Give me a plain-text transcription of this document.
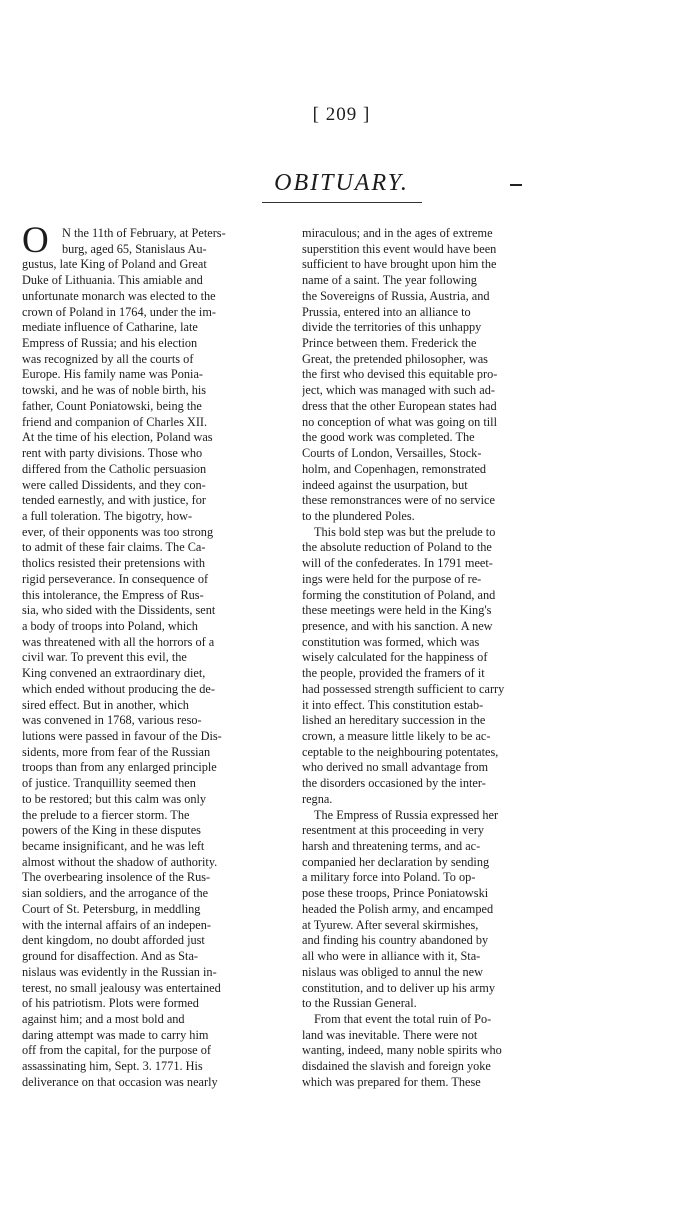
[ 209 ]
OBITUARY.
O	N the 11th of February, at Peters-
burg, aged 65, Stanislaus Au-
gustus, late King of Poland and Great
Duke of Lithuania. This amiable and
unfortunate monarch was elected to the
crown of Poland in 1764, under the im-
mediate influence of Catharine, late
Empress of Russia; and his election
was recognized by all the courts of
Europe. His family name was Ponia-
towski, and he was of noble birth, his
father, Count Poniatowski, being the
friend and companion of Charles XII.
At the time of his election, Poland was
rent with party divisions. Those who
differed from the Catholic persuasion
were called Dissidents, and they con-
tended earnestly, and with justice, for
a full toleration. The bigotry, how-
ever, of their opponents was too strong
to admit of these fair claims. The Ca-
tholics resisted their pretensions with
rigid perseverance. In consequence of
this intolerance, the Empress of Rus-
sia, who sided with the Dissidents, sent
a body of troops into Poland, which
was threatened with all the horrors of a
civil war. To prevent this evil, the
King convened an extraordinary diet,
which ended without producing the de-
sired effect. But in another, which
was convened in 1768, various reso-
lutions were passed in favour of the Dis-
sidents, more from fear of the Russian
troops than from any enlarged principle
of justice. Tranquillity seemed then
to be restored; but this calm was only
the prelude to a fiercer storm. The
powers of the King in these disputes
became insignificant, and he was left
almost without the shadow of authority.
The overbearing insolence of the Rus-
sian soldiers, and the arrogance of the
Court of St. Petersburg, in meddling
with the internal affairs of an indepen-
dent kingdom, no doubt afforded just
ground for disaffection. And as Sta-
nislaus was evidently in the Russian in-
terest, no small jealousy was entertained
of his patriotism. Plots were formed
against him; and a most bold and
daring attempt was made to carry him
off from the capital, for the purpose of
assassinating him, Sept. 3. 1771. His
deliverance on that occasion was nearly
miraculous; and in the ages of extreme
superstition this event would have been
sufficient to have brought upon him the
name of a saint. The year following
the Sovereigns of Russia, Austria, and
Prussia, entered into an alliance to
divide the territories of this unhappy
Prince between them. Frederick the
Great, the pretended philosopher, was
the first who devised this equitable pro-
ject, which was managed with such ad-
dress that the other European states had
no conception of what was going on till
the good work was completed. The
Courts of London, Versailles, Stock-
holm, and Copenhagen, remonstrated
indeed against the usurpation, but
these remonstrances were of no service
to the plundered Poles.
This bold step was but the prelude to
the absolute reduction of Poland to the
will of the confederates. In 1791 meet-
ings were held for the purpose of re-
forming the constitution of Poland, and
these meetings were held in the King's
presence, and with his sanction. A new
constitution was formed, which was
wisely calculated for the happiness of
the people, provided the framers of it
had possessed strength sufficient to carry
it into effect. This constitution estab-
lished an hereditary succession in the
crown, a measure little likely to be ac-
ceptable to the neighbouring potentates,
who derived no small advantage from
the disorders occasioned by the inter-
regna.
The Empress of Russia expressed her
resentment at this proceeding in very
harsh and threatening terms, and ac-
companied her declaration by sending
a military force into Poland. To op-
pose these troops, Prince Poniatowski
headed the Polish army, and encamped
at Tyurew. After several skirmishes,
and finding his country abandoned by
all who were in alliance with it, Sta-
nislaus was obliged to annul the new
constitution, and to deliver up his army
to the Russian General.
From that event the total ruin of Po-
land was inevitable. There were not
wanting, indeed, many noble spirits who
disdained the slavish and foreign yoke
which was prepared for them. These
